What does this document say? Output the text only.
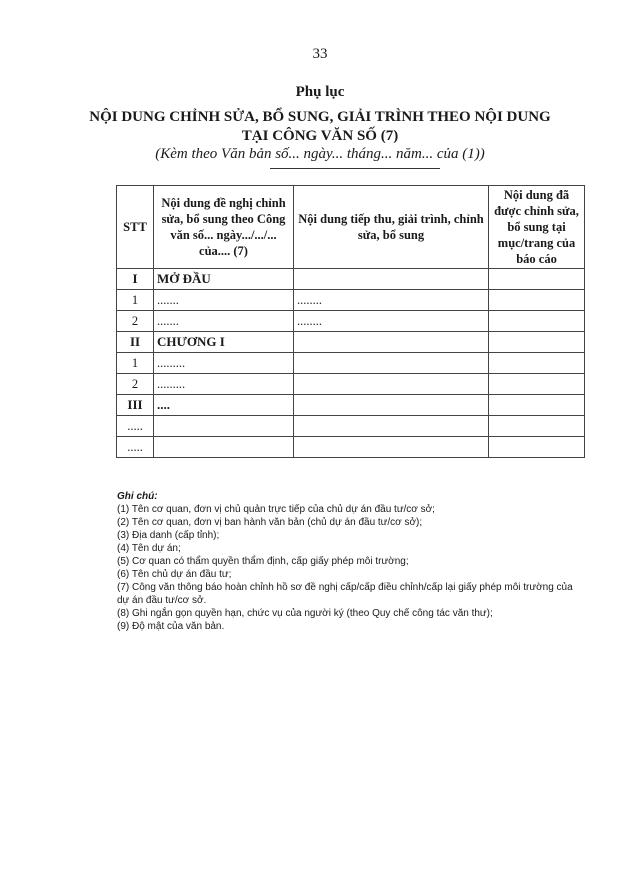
33
Phụ lục
NỘI DUNG CHỈNH SỬA, BỔ SUNG, GIẢI TRÌNH THEO NỘI DUNG
TẠI CÔNG VĂN SỐ (7)
(Kèm theo Văn bản số... ngày... tháng... năm... của (1))
STT	Nội dung đề nghị chỉnh sửa, bổ sung theo Công văn số... ngày.../.../... của.... (7)	Nội dung tiếp thu, giải trình, chỉnh sửa, bổ sung	Nội dung đã được chỉnh sửa, bổ sung tại mục/trang của báo cáo
I	MỞ ĐẦU		
1	.......	........	
2	.......	........	
II	CHƯƠNG I		
1	.........		
2	.........		
III	....		
.....			
.....			
Ghi chú:

(1) Tên cơ quan, đơn vị chủ quản trực tiếp của chủ dự án đầu tư/cơ sở;

(2) Tên cơ quan, đơn vị ban hành văn bản (chủ dự án đầu tư/cơ sở);

(3) Địa danh (cấp tỉnh);

(4) Tên dự án;

(5) Cơ quan có thẩm quyền thẩm định, cấp giấy phép môi trường;

(6) Tên chủ dự án đầu tư;

(7) Công văn thông báo hoàn chỉnh hồ sơ đề nghị cấp/cấp điều chỉnh/cấp lại giấy phép môi trường của dự án đầu tư/cơ sở.

(8) Ghi ngắn gọn quyền hạn, chức vụ của người ký (theo Quy chế công tác văn thư);

(9) Độ mật của văn bản.
